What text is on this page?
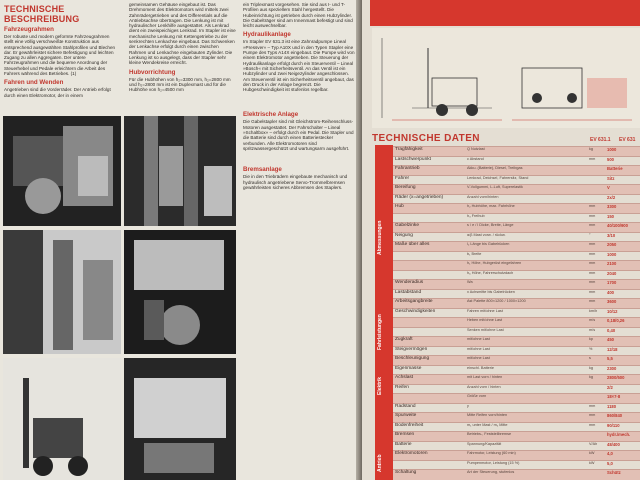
TECHNISCHE
BESCHREIBUNG
Fahrzeugrahmen

Der robuste und modern geformte Fahrzeugrahmen stellt eine völlig verschweißte Konstruktion aus entsprechend ausgewählten Stahlprofilen und Blechen dar. Er gewährleistet sichere Befestigung und leichten Zugang zu allen Aggregaten. Der untere Fahrzeugrahmen und die bequeme Anordnung der Steuerhebel und Pedale erleichtern die Arbeit des Fahrers während des Betriebes. (1)

Fahren und Wenden

Angetrieben sind die Vorderräder. Der Antrieb erfolgt durch einen Elektromotor, der in einem

gemeinsamen Gehäuse eingebaut ist. Das Drehmoment des Elektromotors wird mittels zwei Zahnrädergetrieben und des Differentials auf die Antriebsachse übertragen. Die Lenkung ist mit hydraulischer Lenkhilfe ausgestattet. Als Lenkrad dient ein zweispeichiges Lenkrad. Im Stapler ist eine mechanische Lenkung mit Kettengetriebe zu der senkrechten Lenkachse eingebaut. Das Schwenken der Lenkachse erfolgt durch einen zwischen Rahmen und Lenkachse eingebauten Zylinder. Die Lenkung ist so ausgelegt, dass der Stapler sehr kleine Wendekreise erreicht.

Hubvorrichtung

Für die Hubhöhen von h₂=3300 mm, h₂=2800 mm und h₂=2800 mm ist ein Duplexmast und für die Hubhöhe von h₂=4500 mm

ein Triplexmast vorgesehen. Sie sind aus I- und T-Profilen aus speziellem Stahl hergestellt. Die Hubeinrichtung ist getrieben durch einen Hubzylinder. Die Gabelträger sind am Innenmast befestigt und sind leicht auswechselbar.

Hydraulikanlage

Im Stapler EV 631.3 ist eine Zahnradpumpe Lineal »Pressver« – Typ A10X und in den Typen Stapler eine Pumpe des Typs A14X eingebaut. Die Pumpe wird von einem Elektromotor angetrieben. Die Steuerung der Hydraulikanlage erfolgt durch ein Steuerventil – Lineal »Bosch« mit Sicherheitsventil. An das Ventil ist ein Hubzylinder und zwei Neigezylinder angeschlossen. Am Steuerventil ist ein Sicherheitsventil angebaut, das den Druck in der Anlage begrenzt. Die Hubgeschwindigkeit ist stufenlos regelbar.

Elektrische Anlage

Die Gabelstapler sind mit Gleichstrom-Reihenschluss-Motoren ausgestattet. Der Fahrschalter – Lineal »Schaltbox« – erfolgt durch ein Pedal. Die Stapler und die Batterie sind durch einen Batteriestecker verbunden. Alle Elektromotoren sind spritzwassergeschützt und wartungsarm ausgeführt.

Bremsanlage

Die in den Triebrädern eingebaute mechanisch und hydraulisch angetriebene Servo-Trommelbremsen gewährleisten sicheres Abbremsen des Staplers.

TECHNISCHE DATEN	EV 631.1 EV 631
Abmessungen
Fahrleistungen
Elektrik
Antrieb
Tragfähigkeit	Q Nutzlast	kg	1000
Lastschwerpunkt	c Abstand	mm	500
Fahrantrieb	Akku. (Batterie), Diesel, Treibgas	Batterie
Fahrer	Lenkrad, Deichsel, Fahrersitz, Stand	Sitz
Bereifung	V-Vollgummi, L-Luft, Superelastik	V
Räder (x=angetrieben)	Anzahl vorn/hinten	2x/2
Hub	h₂ Hubhöhe, max. Fahrhöhe	mm	3300
h₃ Freihub	mm	150
Gabelzinke	s / e / l Dicke, Breite, Länge	mm	40/100/900
Neigung	α/β Mast vorw. / rückw.	°	3/10
Maße über alles	l₂ Länge bis Gabelrücken	mm	2050
b₁ Breite	mm	1000
h₁ Höhe, Hubgerüst eingefahren	mm	2100
h₆ Höhe, Fahrerschutzdach	mm	2040
Wenderadius	Wa	mm	1700
Lastabstand	x Achsmitte bis Gabelrücken	mm	400
Arbeitsgangbreite	Ast Palette 800×1200 / 1000×1200	mm	3600
Geschwindigkeiten	Fahren mit/ohne Last	km/h 10/12
Heben mit/ohne Last	m/s	0,18/0,26
Senken mit/ohne Last	m/s	0,40
Zugkraft	mit/ohne Last	kp	450
Steigvermögen	mit/ohne Last	%	12/18
Beschleunigung	mit/ohne Last	s	5,5
Eigenmasse	einschl. Batterie	kg	2300
Achslast	mit Last vorn / hinten	kg	2800/500
Reifen	Anzahl vorn / hinten	2/2
Größe vorn	18×7-8
Radstand	y	mm	1180
Spurweite	Mitte Reifen vorn/hinten	mm	860/840
Bodenfreiheit	m₁ unter Mast / m₂ Mitte	mm	90/110
Bremsen	Betriebs-, Feststellbremse	hydr./mech.
Batterie	Spannung/Kapazität	V/Ah 48/400
Elektromotoren	Fahrmotor, Leistung (60 min)	kW	4,0
Pumpenmotor, Leistung (15 %)	kW	5,0
Schaltung	Art der Steuerung, stufenlos	Schütz
